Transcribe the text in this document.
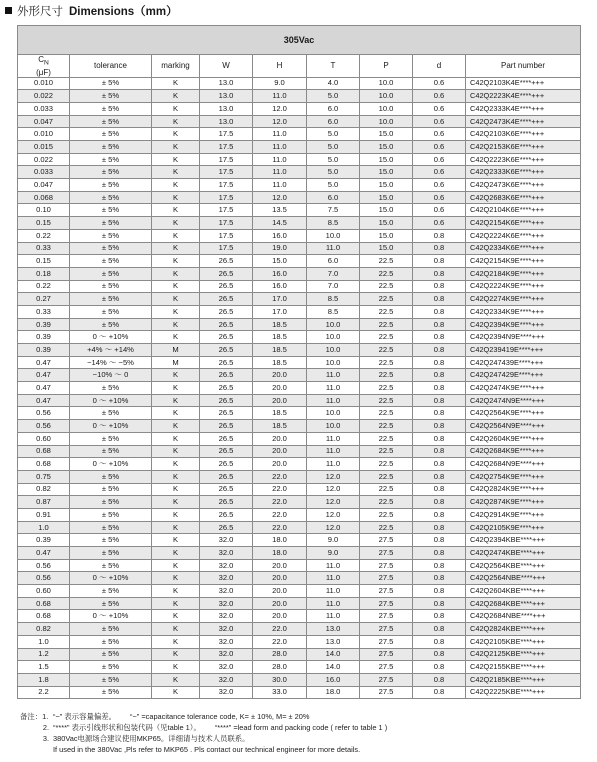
外形尺寸 Dimensions（mm）
305Vac								
$C_N$
(μF)	tolerance	marking	W	H	T	P	d	Part number
0.010	± 5%	K	13.0	9.0	4.0	10.0	0.6	C42Q2103K4E****+++
0.022	± 5%	K	13.0	11.0	5.0	10.0	0.6	C42Q2223K4E****+++
0.033	± 5%	K	13.0	12.0	6.0	10.0	0.6	C42Q2333K4E****+++
0.047	± 5%	K	13.0	12.0	6.0	10.0	0.6	C42Q2473K4E****+++
0.010	± 5%	K	17.5	11.0	5.0	15.0	0.6	C42Q2103K6E****+++
0.015	± 5%	K	17.5	11.0	5.0	15.0	0.6	C42Q2153K6E****+++
0.022	± 5%	K	17.5	11.0	5.0	15.0	0.6	C42Q2223K6E****+++
0.033	± 5%	K	17.5	11.0	5.0	15.0	0.6	C42Q2333K6E****+++
0.047	± 5%	K	17.5	11.0	5.0	15.0	0.6	C42Q2473K6E****+++
0.068	± 5%	K	17.5	12.0	6.0	15.0	0.6	C42Q2683K6E****+++
0.10	± 5%	K	17.5	13.5	7.5	15.0	0.6	C42Q2104K6E****+++
0.15	± 5%	K	17.5	14.5	8.5	15.0	0.6	C42Q2154K6E****+++
0.22	± 5%	K	17.5	16.0	10.0	15.0	0.8	C42Q2224K6E****+++
0.33	± 5%	K	17.5	19.0	11.0	15.0	0.8	C42Q2334K6E****+++
0.15	± 5%	K	26.5	15.0	6.0	22.5	0.8	C42Q2154K9E****+++
0.18	± 5%	K	26.5	16.0	7.0	22.5	0.8	C42Q2184K9E****+++
0.22	± 5%	K	26.5	16.0	7.0	22.5	0.8	C42Q2224K9E****+++
0.27	± 5%	K	26.5	17.0	8.5	22.5	0.8	C42Q2274K9E****+++
0.33	± 5%	K	26.5	17.0	8.5	22.5	0.8	C42Q2334K9E****+++
0.39	± 5%	K	26.5	18.5	10.0	22.5	0.8	C42Q2394K9E****+++
0.39	0 ～ +10%	K	26.5	18.5	10.0	22.5	0.8	C42Q2394N9E****+++
0.39	+4% ～ +14%	M	26.5	18.5	10.0	22.5	0.8	C42Q239419E****+++
0.47	−14% ～ −5%	M	26.5	18.5	10.0	22.5	0.8	C42Q247439E****+++
0.47	−10% ～ 0	K	26.5	20.0	11.0	22.5	0.8	C42Q247429E****+++
0.47	± 5%	K	26.5	20.0	11.0	22.5	0.8	C42Q2474K9E****+++
0.47	0 ～ +10%	K	26.5	20.0	11.0	22.5	0.8	C42Q2474N9E****+++
0.56	± 5%	K	26.5	18.5	10.0	22.5	0.8	C42Q2564K9E****+++
0.56	0 ～ +10%	K	26.5	18.5	10.0	22.5	0.8	C42Q2564N9E****+++
0.60	± 5%	K	26.5	20.0	11.0	22.5	0.8	C42Q2604K9E****+++
0.68	± 5%	K	26.5	20.0	11.0	22.5	0.8	C42Q2684K9E****+++
0.68	0 ～ +10%	K	26.5	20.0	11.0	22.5	0.8	C42Q2684N9E****+++
0.75	± 5%	K	26.5	22.0	12.0	22.5	0.8	C42Q2754K9E****+++
0.82	± 5%	K	26.5	22.0	12.0	22.5	0.8	C42Q2824K9E****+++
0.87	± 5%	K	26.5	22.0	12.0	22.5	0.8	C42Q2874K9E****+++
0.91	± 5%	K	26.5	22.0	12.0	22.5	0.8	C42Q2914K9E****+++
1.0	± 5%	K	26.5	22.0	12.0	22.5	0.8	C42Q2105K9E****+++
0.39	± 5%	K	32.0	18.0	9.0	27.5	0.8	C42Q2394KBE****+++
0.47	± 5%	K	32.0	18.0	9.0	27.5	0.8	C42Q2474KBE****+++
0.56	± 5%	K	32.0	20.0	11.0	27.5	0.8	C42Q2564KBE****+++
0.56	0 ～ +10%	K	32.0	20.0	11.0	27.5	0.8	C42Q2564NBE****+++
0.60	± 5%	K	32.0	20.0	11.0	27.5	0.8	C42Q2604KBE****+++
0.68	± 5%	K	32.0	20.0	11.0	27.5	0.8	C42Q2684KBE****+++
0.68	0 ～ +10%	K	32.0	20.0	11.0	27.5	0.8	C42Q2684NBE****+++
0.82	± 5%	K	32.0	22.0	13.0	27.5	0.8	C42Q2824KBE****+++
1.0	± 5%	K	32.0	22.0	13.0	27.5	0.8	C42Q2105KBE****+++
1.2	± 5%	K	32.0	28.0	14.0	27.5	0.8	C42Q2125KBE****+++
1.5	± 5%	K	32.0	28.0	14.0	27.5	0.8	C42Q2155KBE****+++
1.8	± 5%	K	32.0	30.0	16.0	27.5	0.8	C42Q2185KBE****+++
2.2	± 5%	K	32.0	33.0	18.0	27.5	0.8	C42Q2225KBE****+++
备注：1. “−” 表示容量偏差。 “−” =capacitance tolerance code, K= ± 10%, M= ± 20%
2. “****” 表示引线形状和包装代码（见table 1）。 “****” =lead form and packing code ( refer to table 1 )
3. 380Vac电源场合建议使用MKP65。详细请与技术人员联系。
If used in the 380Vac ,Pls refer to MKP65 . Pls contact our technical engineer for more details.
